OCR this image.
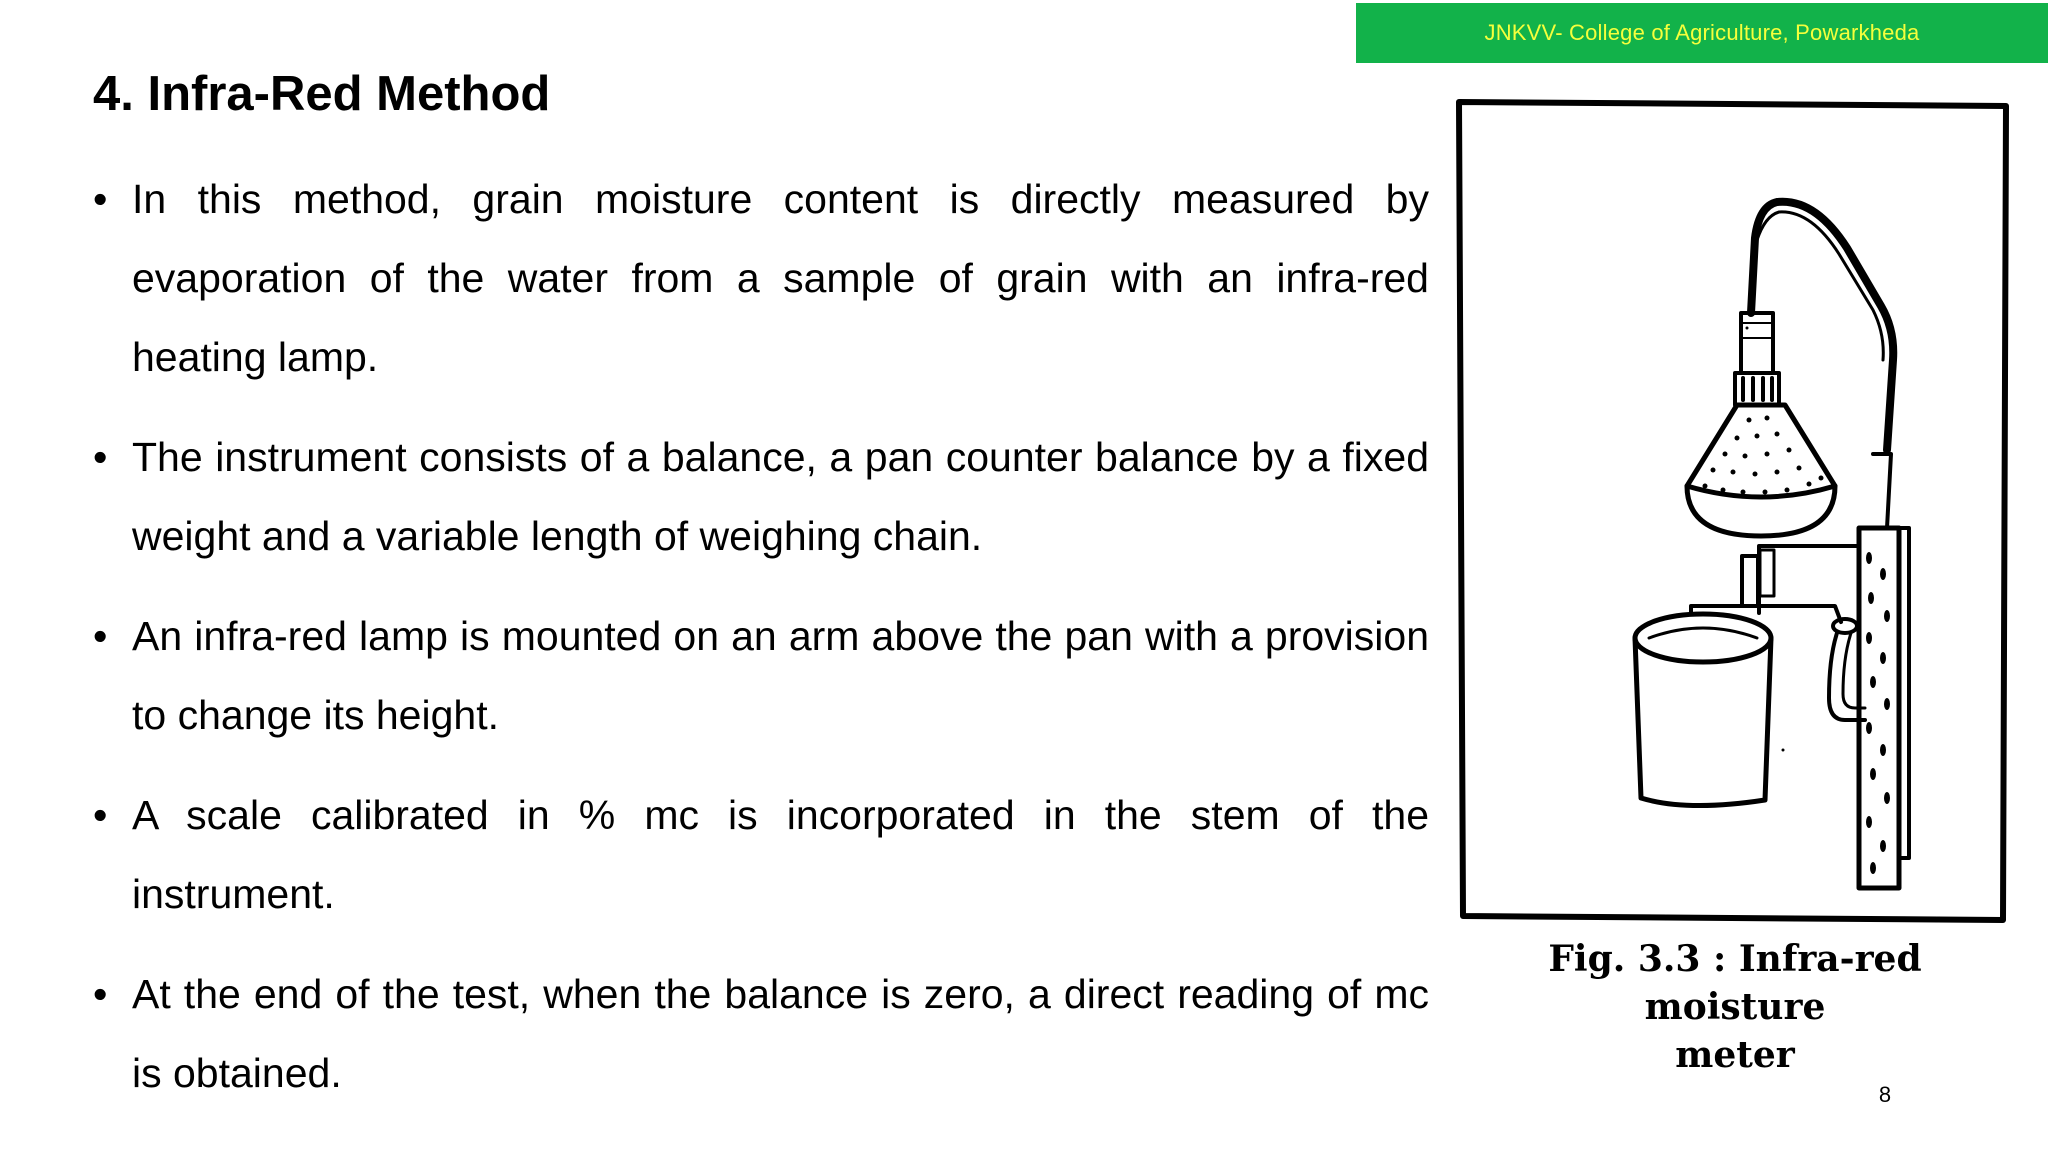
JNKVV- College of Agriculture, Powarkheda
4. Infra-Red Method
• In this method, grain moisture content is directly measured by evaporation of the water from a sample of grain with an infra-red heating lamp.
• The instrument consists of a balance, a pan counter balance by a fixed weight and a variable length of weighing chain.
• An infra-red lamp is mounted on an arm above the pan with a provision to change its height.
• A scale calibrated in % mc is incorporated in the stem of the instrument.
• At the end of the test, when the balance is zero, a direct reading of mc is obtained.
Fig. 3.3 : Infra-red moisture
meter
8
